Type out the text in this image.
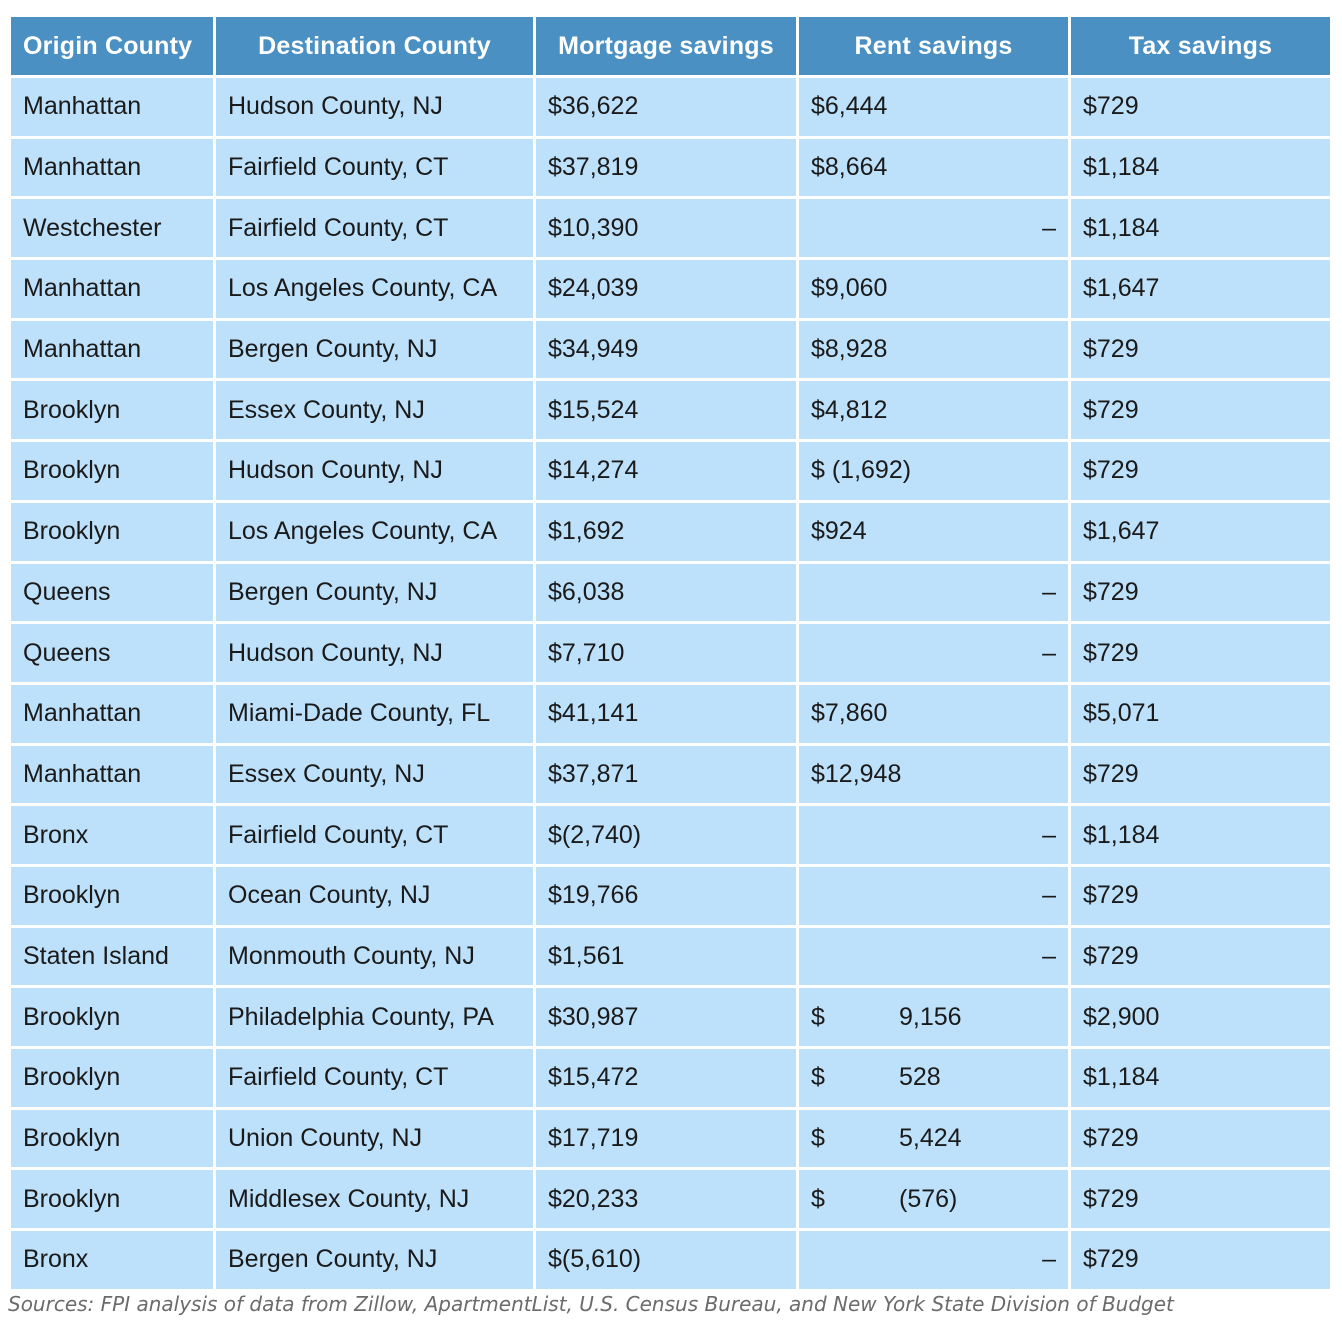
Origin County	Destination County	Mortgage savings	Rent savings	Tax savings
Manhattan	Hudson County, NJ	$36,622	$6,444	$729
Manhattan	Fairfield County, CT	$37,819	$8,664	$1,184
Westchester	Fairfield County, CT	$10,390	–	$1,184
Manhattan	Los Angeles County, CA	$24,039	$9,060	$1,647
Manhattan	Bergen County, NJ	$34,949	$8,928	$729
Brooklyn	Essex County, NJ	$15,524	$4,812	$729
Brooklyn	Hudson County, NJ	$14,274	$ (1,692)	$729
Brooklyn	Los Angeles County, CA	$1,692	$924	$1,647
Queens	Bergen County, NJ	$6,038	–	$729
Queens	Hudson County, NJ	$7,710	–	$729
Manhattan	Miami-Dade County, FL	$41,141	$7,860	$5,071
Manhattan	Essex County, NJ	$37,871	$12,948	$729
Bronx	Fairfield County, CT	$(2,740)	–	$1,184
Brooklyn	Ocean County, NJ	$19,766	–	$729
Staten Island	Monmouth County, NJ	$1,561	–	$729
Brooklyn	Philadelphia County, PA	$30,987	$ 9,156	$2,900
Brooklyn	Fairfield County, CT	$15,472	$ 528	$1,184
Brooklyn	Union County, NJ	$17,719	$ 5,424	$729
Brooklyn	Middlesex County, NJ	$20,233	$ (576)	$729
Bronx	Bergen County, NJ	$(5,610)	–	$729

Sources: FPI analysis of data from Zillow, ApartmentList, U.S. Census Bureau, and New York State Division of Budget
